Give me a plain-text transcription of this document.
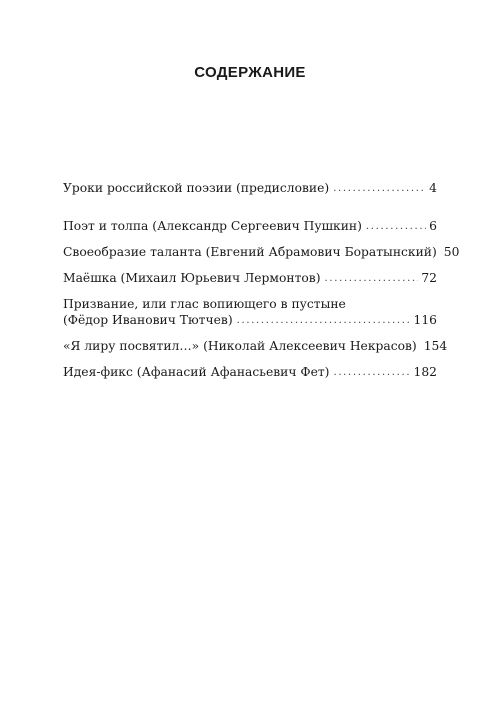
СОДЕРЖАНИЕ
Уроки российской поэзии (предисловие) . . .	4
Поэт и толпа (Александр Сергеевич Пушкин) . . .	6
Своеобразие таланта (Евгений Абрамович Боратынский) 50
Маёшка (Михаил Юрьевич Лермонтов) . . .	72
Призвание, или глас вопиющего в пустыне
(Фёдор Иванович Тютчев) . . .	116
«Я лиру посвятил…» (Николай Алексеевич Некрасов) 154
Идея-фикс (Афанасий Афанасьевич Фет) . . .	182
